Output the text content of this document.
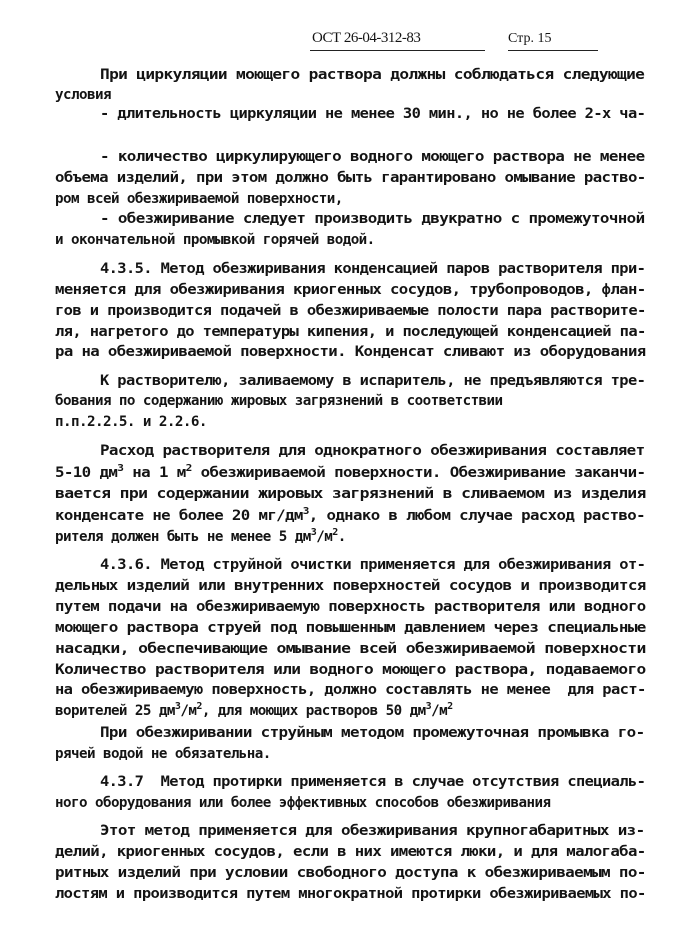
ОСТ 26-04-312-83	Стр. 15
При циркуляции моющего раствора должны соблюдаться следующие
условия
- длительность циркуляции не менее 30 мин., но не более 2-х ча-
- количество циркулирующего водного моющего раствора не менее
объема изделий, при этом должно быть гарантировано омывание раство-
ром всей обезжириваемой поверхности,
- обезжиривание следует производить двукратно с промежуточной
и окончательной промывкой горячей водой.
4.3.5. Метод обезжиривания конденсацией паров растворителя при-
меняется для обезжиривания криогенных сосудов, трубопроводов, флан-
гов и производится подачей в обезжириваемые полости пара растворите-
ля, нагретого до температуры кипения, и последующей конденсацией па-
ра на обезжириваемой поверхности. Конденсат сливают из оборудования
К растворителю, заливаемому в испаритель, не предъявляются тре-
бования по содержанию жировых загрязнений в соответствии
п.п.2.2.5. и 2.2.6.
Расход растворителя для однократного обезжиривания составляет
5-10 $дм^3$ на 1 $м^2$ обезжириваемой поверхности. Обезжиривание заканчи-
вается при содержании жировых загрязнений в сливаемом из изделия
конденсате не более 20 $мг/дм^3$, однако в любом случае расход раство-
рителя должен быть не менее 5 $дм^3/м^2$.
4.3.6. Метод струйной очистки применяется для обезжиривания от-
дельных изделий или внутренних поверхностей сосудов и производится
путем подачи на обезжириваемую поверхность растворителя или водного
моющего раствора струей под повышенным давлением через специальные
насадки, обеспечивающие омывание всей обезжириваемой поверхности
Количество растворителя или водного моющего раствора, подаваемого
на обезжириваемую поверхность, должно составлять не менее  для раст-
ворителей 25 $дм^3/м^2$, для моющих растворов 50 $дм^3/м^2$
При обезжиривании струйным методом промежуточная промывка го-
рячей водой не обязательна.
4.3.7  Метод протирки применяется в случае отсутствия специаль-
ного оборудования или более эффективных способов обезжиривания
Этот метод применяется для обезжиривания крупногабаритных из-
делий, криогенных сосудов, если в них имеются люки, и для малогаба-
ритных изделий при условии свободного доступа к обезжириваемым по-
лостям и производится путем многократной протирки обезжириваемых по-
